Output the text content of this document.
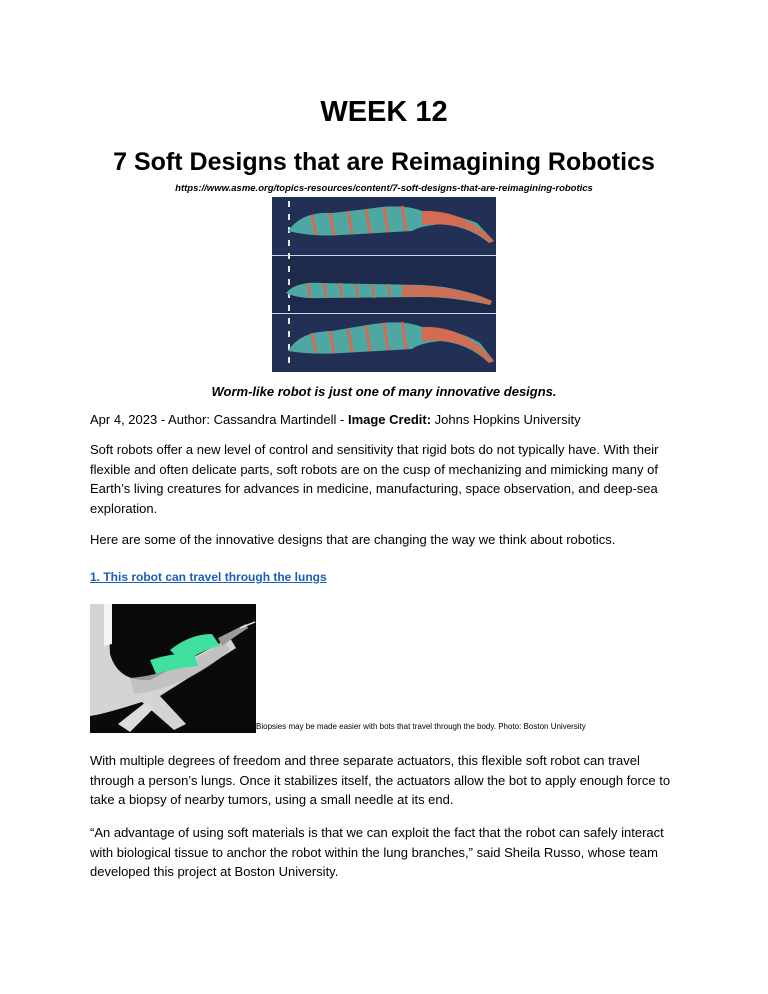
WEEK 12
7 Soft Designs that are Reimagining Robotics
https://www.asme.org/topics-resources/content/7-soft-designs-that-are-reimagining-robotics
Worm-like robot is just one of many innovative designs.
Apr 4, 2023 - Author: Cassandra Martindell - Image Credit: Johns Hopkins University
Soft robots offer a new level of control and sensitivity that rigid bots do not typically have. With their flexible and often delicate parts, soft robots are on the cusp of mechanizing and mimicking many of Earth’s living creatures for advances in medicine, manufacturing, space observation, and deep-sea exploration.
Here are some of the innovative designs that are changing the way we think about robotics.
1. This robot can travel through the lungs
Biopsies may be made easier with bots that travel through the body. Photo: Boston University
With multiple degrees of freedom and three separate actuators, this flexible soft robot can travel through a person’s lungs. Once it stabilizes itself, the actuators allow the bot to apply enough force to take a biopsy of nearby tumors, using a small needle at its end.
“An advantage of using soft materials is that we can exploit the fact that the robot can safely interact with biological tissue to anchor the robot within the lung branches,” said Sheila Russo, whose team developed this project at Boston University.
